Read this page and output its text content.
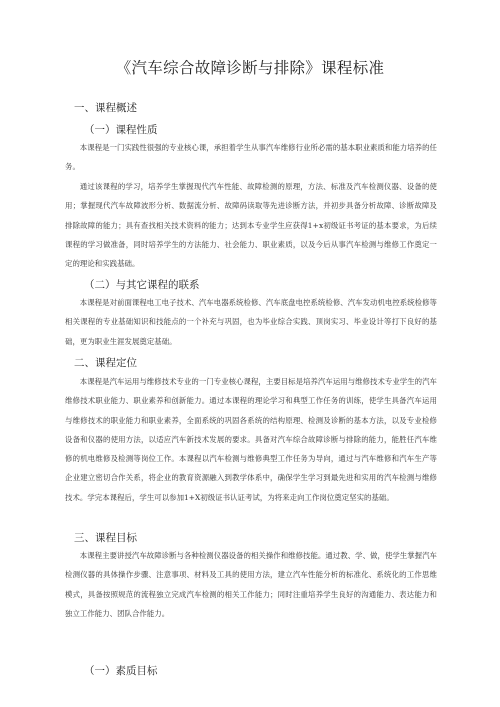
《汽车综合故障诊断与排除》课程标准
一、课程概述
（一）课程性质
本课程是一门实践性很强的专业核心课，承担着学生从事汽车维修行业所必需的基本职业素质和能力培养的任务。
通过该课程的学习，培养学生掌握现代汽车性能、故障检测的原理，方法、标准及汽车检测仪器、设备的使用；掌握现代汽车故障波形分析、数据流分析、故障码读取等先进诊断方法，并初步具备分析故障、诊断故障及排除故障的能力；具有查找相关技术资料的能力；达到本专业学生应获得1+ⅹ初级证书考证的基本要求，为后续课程的学习做准备，同时培养学生的方法能力、社会能力、职业素质，以及今后从事汽车检测与维修工作奠定一定的理论和实践基础。
（二）与其它课程的联系
本课程是对前面课程电工电子技术、汽车电器系统检修、汽车底盘电控系统检修、汽车发动机电控系统检修等相关课程的专业基础知识和技能点的一个补充与巩固，也为毕业综合实践、顶岗实习、毕业设计等打下良好的基础，更为职业生涯发展奠定基础。
二、课程定位
本课程是汽车运用与维修技术专业的一门专业核心课程，主要目标是培养汽车运用与维修技术专业学生的汽车维修技术职业能力、职业素养和创新能力。通过本课程的理论学习和典型工作任务的训练，使学生具备汽车运用与维修技术的职业能力和职业素养，全面系统的巩固各系统的结构原理、检测及诊断的基本方法，以及专业检修设备和仪器的使用方法，以适应汽车新技术发展的要求。具备对汽车综合故障诊断与排除的能力，能胜任汽车维修的机电维修及检测等岗位工作。本课程以汽车检测与维修典型工作任务为导向，通过与汽车维修和汽车生产等企业建立密切合作关系，将企业的教育资源融入到教学体系中，确保学生学习到最先进和实用的汽车检测与维修技术。学完本课程后，学生可以参加1+X初级证书认证考试，为将来走向工作岗位奠定坚实的基础。
三、课程目标
本课程主要讲授汽车故障诊断与各种检测仪器设备的相关操作和维修技能。通过教、学、做，使学生掌握汽车检测仪器的具体操作步骤、注意事项、材料及工具的使用方法，建立汽车性能分析的标准化、系统化的工作思维模式，具备按照规范的流程独立完成汽车检测的相关工作能力；同时注重培养学生良好的沟通能力、表达能力和独立工作能力、团队合作能力。
（一）素质目标
